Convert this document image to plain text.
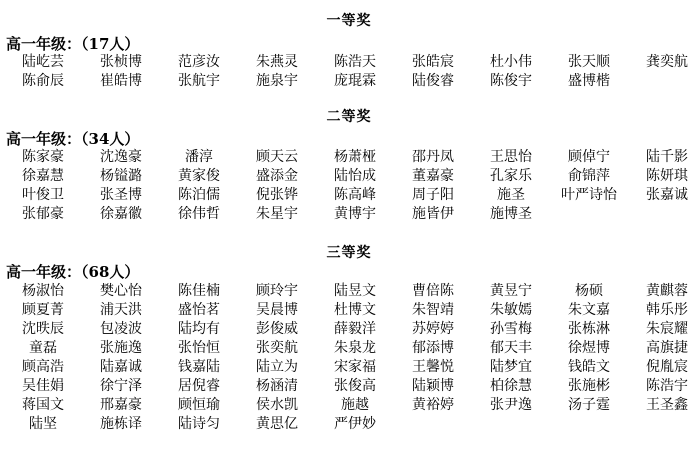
一等奖
高一年级：（17人）
陆屹芸	张桢博	范彦汝	朱燕灵	陈浩天	张皓宸	杜小伟	张天顺	龚奕航
陈俞辰	崔皓博	张航宇	施泉宇	庞琨霖	陆俊睿	陈俊宇	盛博楷
二等奖
高一年级：（34人）
陈家豪	沈逸豪	潘淳	顾天云	杨萧桠	邵丹凤	王思怡	顾倬宁	陆千影
徐嘉慧	杨镒潞	黄家俊	盛添金	陆怡成	董嘉豪	孔家乐	俞锦萍	陈妍琪
叶俊卫	张圣博	陈泊儒	倪张铧	陈高峰	周子阳	施圣	叶严诗怡	张嘉诚
张郁豪	徐嘉徽	徐伟哲	朱星宇	黄博宇	施皆伊	施博圣
三等奖
高一年级：（68人）
杨淑怡	樊心怡	陈佳楠	顾玲宇	陆昱文	曹倍陈	黄昱宁	杨硕	黄麒蓉
顾夏菁	浦天洪	盛怡茗	吴晨博	杜博文	朱智靖	朱敏嫣	朱文嘉	韩乐彤
沈昳辰	包凌波	陆均有	彭俊威	薛毅洋	苏婷婷	孙雪梅	张栋淋	朱宸耀
童磊	张施逸	张怡恒	张奕航	朱泉龙	郁添博	郁天丰	徐煜博	高旗捷
顾高浩	陆嘉诚	钱嘉陆	陆立为	宋家福	王馨悦	陆梦宜	钱皓文	倪胤宸
吴佳娟	徐宁泽	居倪睿	杨涵清	张俊高	陆颖博	柏徐慧	张施彬	陈浩宇
蒋国文	邢嘉豪	顾恒瑜	侯水凯	施越	黄裕婷	张尹逸	汤子霆	王圣鑫
陆坚	施栋译	陆诗匀	黄思亿	严伊妙
